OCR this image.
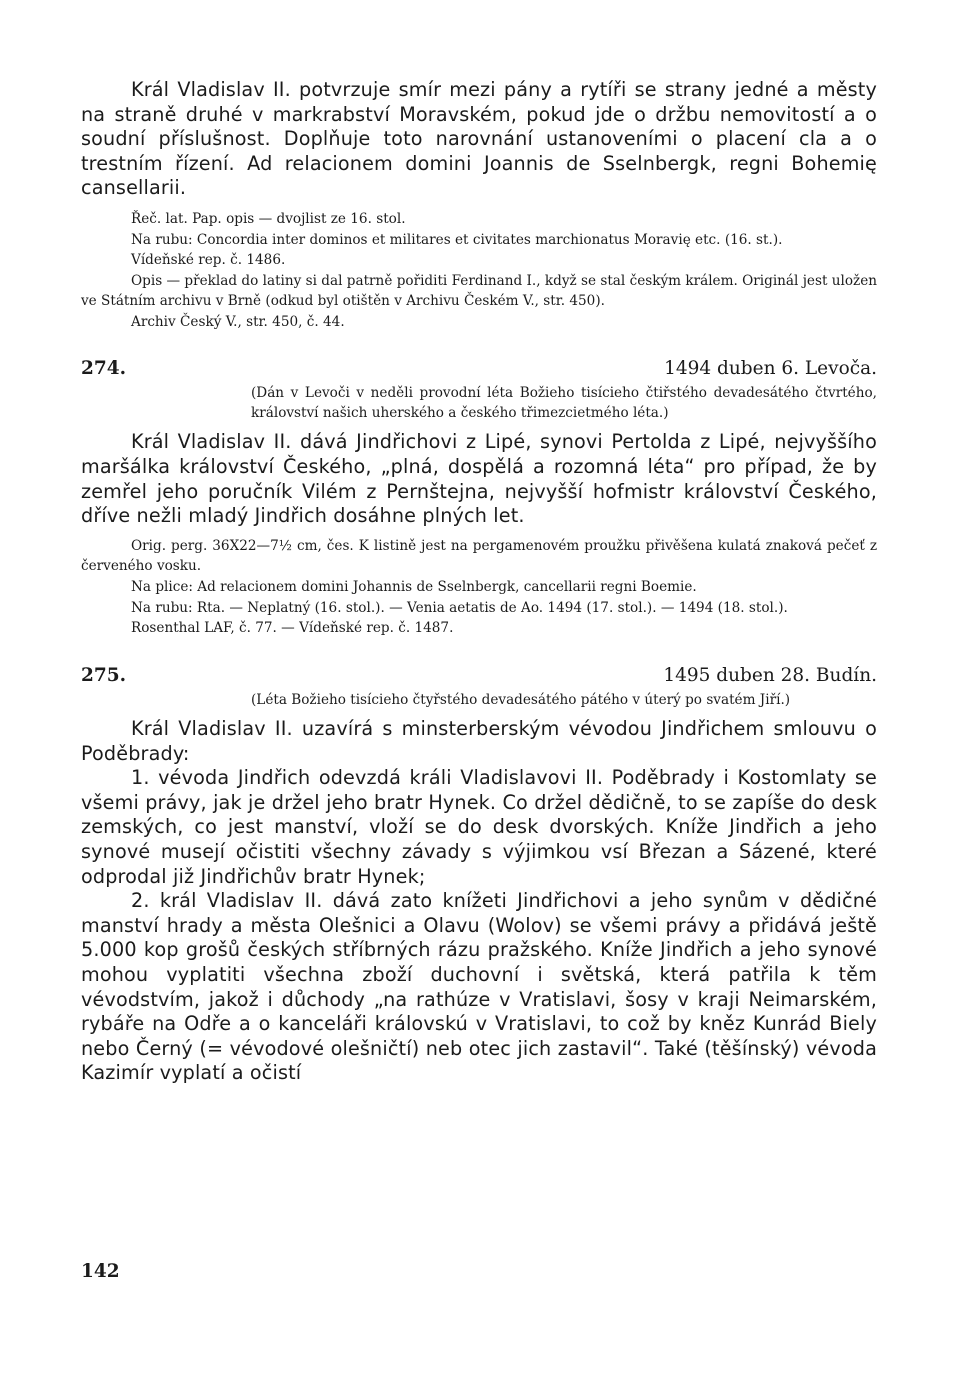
Král Vladislav II. potvrzuje smír mezi pány a rytíři se strany jedné a městy na straně druhé v markrabství Moravském, pokud jde o držbu nemovitostí a o soudní příslušnost. Doplňuje toto narovnání ustanoveními o placení cla a o trestním řízení. Ad relacionem domini Joannis de Sselnbergk, regni Bohemię cansellarii.

Řeč. lat. Pap. opis — dvojlist ze 16. stol.

Na rubu: Concordia inter dominos et militares et civitates marchionatus Moravię etc. (16. st.).

Vídeňské rep. č. 1486.

Opis — překlad do latiny si dal patrně pořiditi Ferdinand I., když se stal českým králem. Originál jest uložen ve Státním archivu v Brně (odkud byl otištěn v Archivu Českém V., str. 450).

Archiv Český V., str. 450, č. 44.

274.	1494 duben 6. Levoča.

(Dán v Levoči v neděli provodní léta Božieho tisícieho čtiřstého devadesátého čtvrtého, království našich uherského a českého třimezcietmého léta.)

Král Vladislav II. dává Jindřichovi z Lipé, synovi Pertolda z Lipé, nejvyššího maršálka království Českého, „plná, dospělá a rozomná léta“ pro případ, že by zemřel jeho poručník Vilém z Pernštejna, nejvyšší hofmistr království Českého, dříve nežli mladý Jindřich dosáhne plných let.

Orig. perg. 36X22—7½ cm, čes. K listině jest na pergamenovém proužku přivěšena kulatá znaková pečeť z červeného vosku.

Na plice: Ad relacionem domini Johannis de Sselnbergk, cancellarii regni Boemie.

Na rubu: Rta. — Neplatný (16. stol.). — Venia aetatis de Ao. 1494 (17. stol.). — 1494 (18. stol.).

Rosenthal LAF, č. 77. — Vídeňské rep. č. 1487.

275.	1495 duben 28. Budín.

(Léta Božieho tisícieho čtyřstého devadesátého pátého v úterý po svatém Jiří.)

Král Vladislav II. uzavírá s minsterberským vévodou Jindřichem smlouvu o Poděbrady:

1. vévoda Jindřich odevzdá králi Vladislavovi II. Poděbrady i Kostomlaty se všemi právy, jak je držel jeho bratr Hynek. Co držel dědičně, to se zapíše do desk zemských, co jest manství, vloží se do desk dvorských. Kníže Jindřich a jeho synové musejí očistiti všechny závady s výjimkou vsí Březan a Sázené, které odprodal již Jindřichův bratr Hynek;

2. král Vladislav II. dává zato knížeti Jindřichovi a jeho synům v dědičné manství hrady a města Olešnici a Olavu (Wolov) se všemi právy a přidává ještě 5.000 kop grošů českých stříbrných rázu pražského. Kníže Jindřich a jeho synové mohou vyplatiti všechna zboží duchovní i světská, která patřila k těm vévodstvím, jakož i důchody „na rathúze v Vratislavi, šosy v kraji Neimarském, rybáře na Odře a o kanceláři královskú v Vratislavi, to což by kněz Kunrád Biely nebo Černý (= vévodové olešničtí) neb otec jich zastavil“. Také (těšínský) vévoda Kazimír vyplatí a očistí

142
